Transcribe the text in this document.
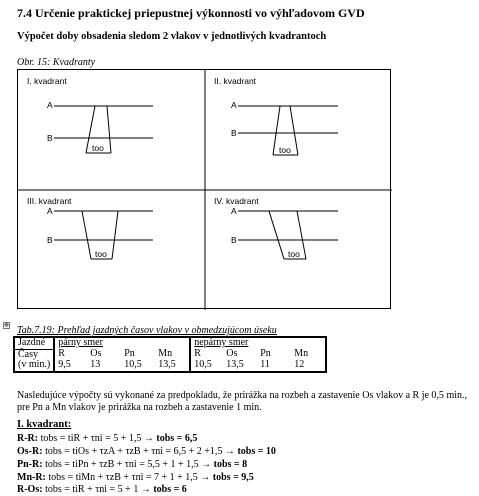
7.4 Určenie praktickej priepustnej výkonnosti vo výhľadovom GVD
Výpočet doby obsadenia sledom 2 vlakov v jednotlivých kvadrantoch
Obr. 15: Kvadranty
I. kvadrant
A
B
too
II. kvadrant
A
B
too
III. kvadrant
A
B
too
IV. kvadrant
A
B
too
✥ Tab.7.19: Prehľad jazdných časov vlakov v obmedzujúcom úseku
Jazdné	párny smer				nepárny smer			
Časy	R	Os	Pn	Mn	R	Os	Pn	Mn
(v min.)	9,5	13	10,5	13,5	10,5	13,5	11	12
Nasledujúce výpočty sú vykonané za predpokladu, že prirážka na rozbeh a zastavenie Os vlakov a R je 0,5 min., pre Pn a Mn vlakov je prirážka na rozbeh a zastavenie 1 min.
I. kvadrant:
R-R: tobs = tiR + τni = 5 + 1,5 → tobs = 6,5
Os-R: tobs = tiOs + τzA + τzB + τni = 6,5 + 2 +1,5 → tobs = 10
Pn-R: tobs = tiPn + τzB + τni = 5,5 + 1 + 1,5 → tobs = 8
Mn-R: tobs = tiMn + τzB + τni = 7 + 1 + 1,5 → tobs = 9,5
R-Os: tobs = tiR + τni = 5 + 1 → tobs = 6
